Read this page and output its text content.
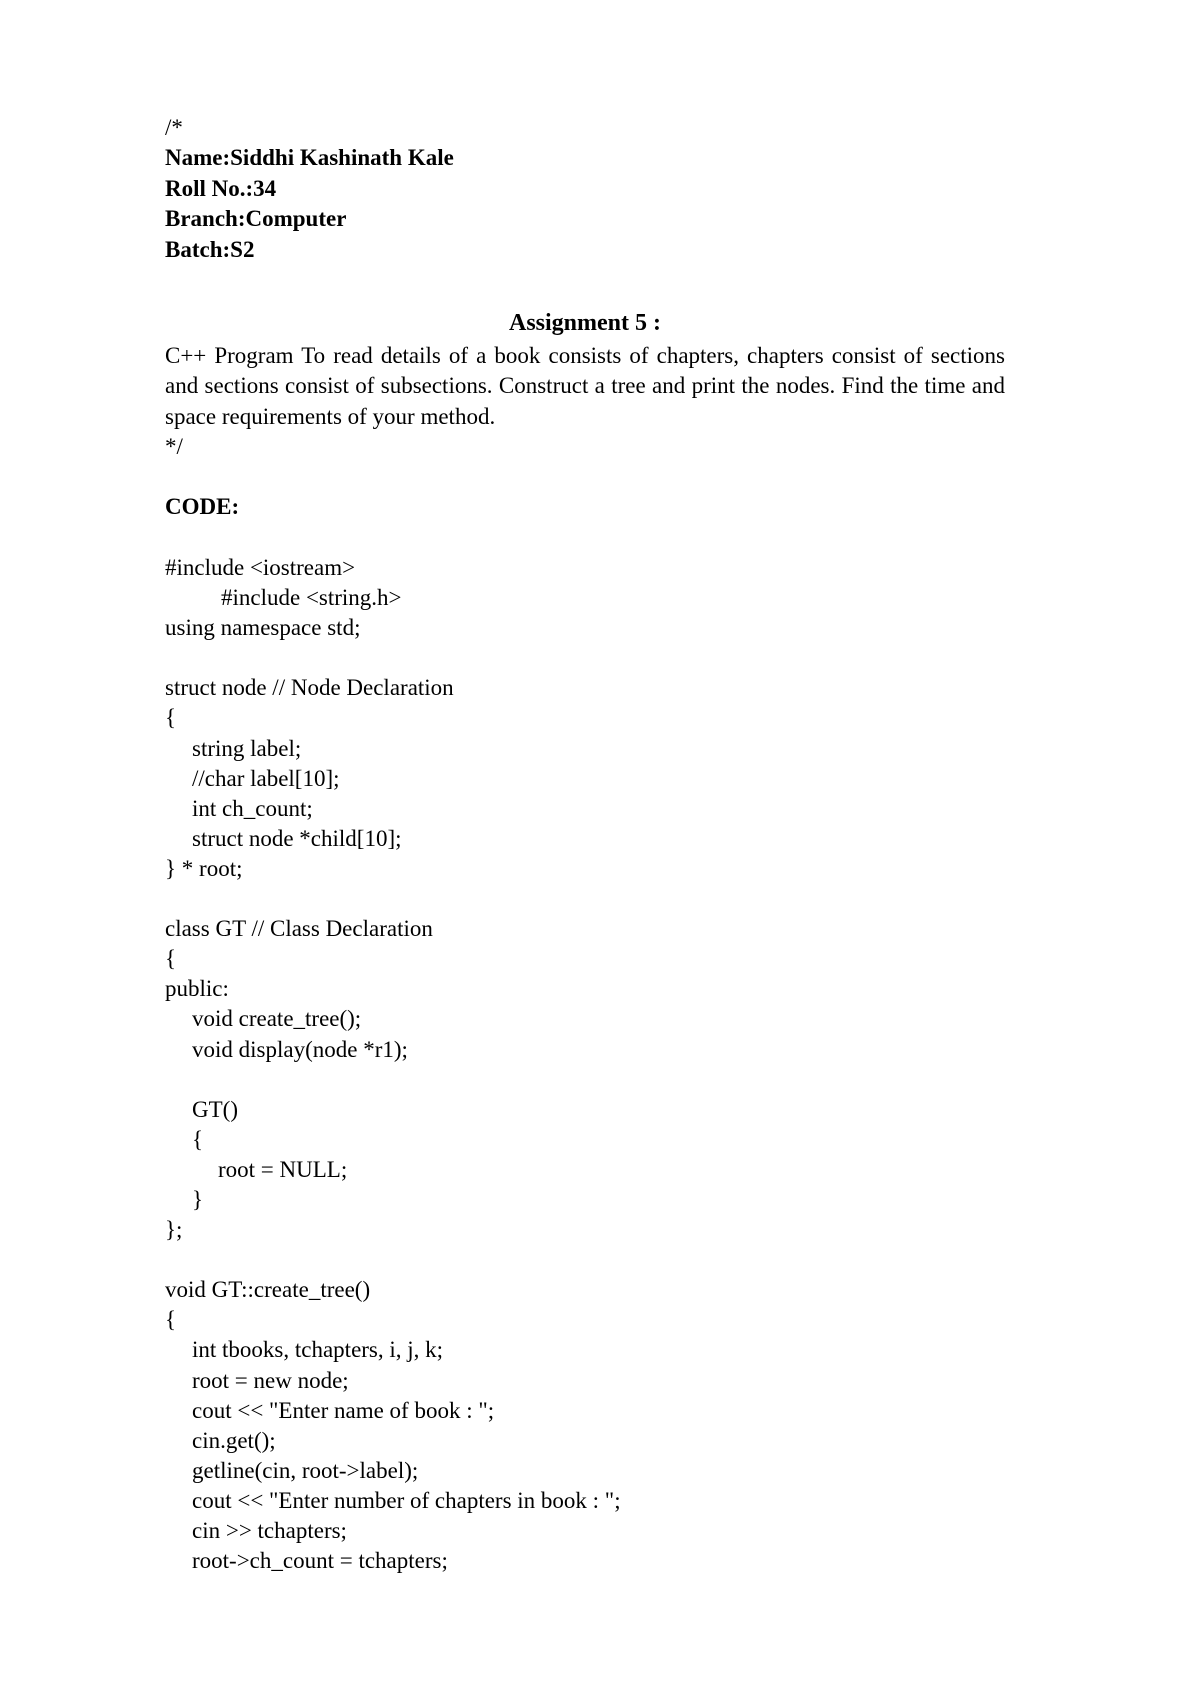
/*
Name:Siddhi Kashinath Kale
Roll No.:34
Branch:Computer
Batch:S2
Assignment 5 :
C++ Program To read details of a book consists of chapters, chapters consist of sections and sections consist of subsections. Construct a tree and print the nodes. Find the time and space requirements of your method.
*/
CODE:
#include <iostream>
#include <string.h>
using namespace std;
struct node // Node Declaration
{
string label;
//char label[10];
int ch_count;
struct node *child[10];
} * root;
class GT // Class Declaration
{
public:
void create_tree();
void display(node *r1);
GT()
{
root = NULL;
}
};
void GT::create_tree()
{
int tbooks, tchapters, i, j, k;
root = new node;
cout << "Enter name of book : ";
cin.get();
getline(cin, root->label);
cout << "Enter number of chapters in book : ";
cin >> tchapters;
root->ch_count = tchapters;
